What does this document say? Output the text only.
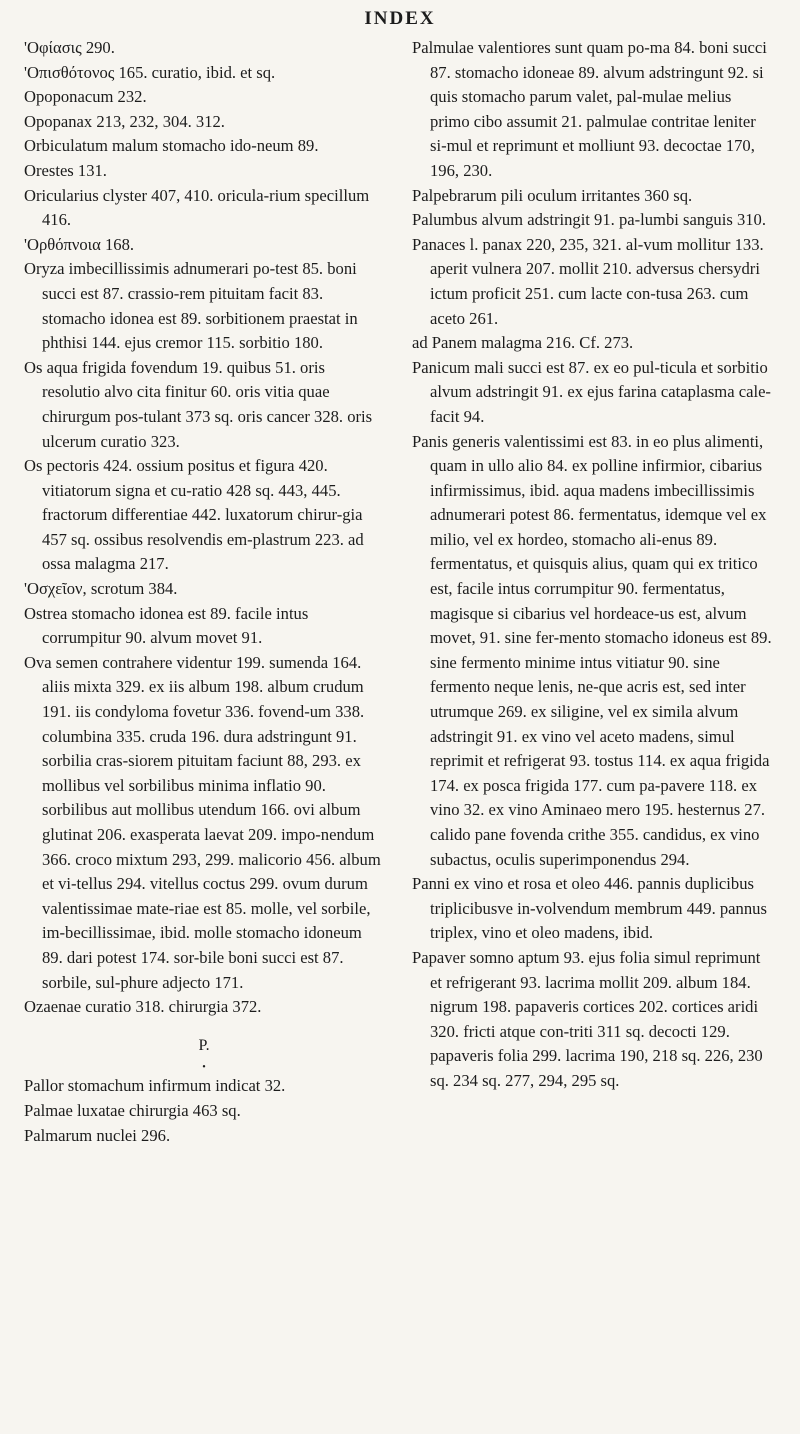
INDEX

'Οφίασις 290.

'Οπισθότονος 165. curatio, ibid. et sq.

Opoponacum 232.

Opopanax 213, 232, 304. 312.

Orbiculatum malum stomacho ido-neum 89.

Orestes 131.

Oricularius clyster 407, 410. oricula-rium specillum 416.

'Ορθόπνοια 168.

Oryza imbecillissimis adnumerari po-test 85. boni succi est 87. crassio-rem pituitam facit 83. stomacho idonea est 89. sorbitionem praestat in phthisi 144. ejus cremor 115. sorbitio 180.

Os aqua frigida fovendum 19. quibus 51. oris resolutio alvo cita finitur 60. oris vitia quae chirurgum pos-tulant 373 sq. oris cancer 328. oris ulcerum curatio 323.

Os pectoris 424. ossium positus et figura 420. vitiatorum signa et cu-ratio 428 sq. 443, 445. fractorum differentiae 442. luxatorum chirur-gia 457 sq. ossibus resolvendis em-plastrum 223. ad ossa malagma 217.

'Οσχεῖον, scrotum 384.

Ostrea stomacho idonea est 89. facile intus corrumpitur 90. alvum movet 91.

Ova semen contrahere videntur 199. sumenda 164. aliis mixta 329. ex iis album 198. album crudum 191. iis condyloma fovetur 336. fovend-um 338. columbina 335. cruda 196. dura adstringunt 91. sorbilia cras-siorem pituitam faciunt 88, 293. ex mollibus vel sorbilibus minima inflatio 90. sorbilibus aut mollibus utendum 166. ovi album glutinat 206. exasperata laevat 209. impo-nendum 366. croco mixtum 293, 299. malicorio 456. album et vi-tellus 294. vitellus coctus 299. ovum durum valentissimae mate-riae est 85. molle, vel sorbile, im-becillissimae, ibid. molle stomacho idoneum 89. dari potest 174. sor-bile boni succi est 87. sorbile, sul-phure adjecto 171.

Ozaenae curatio 318. chirurgia 372.

P.
•

Pallor stomachum infirmum indicat 32.

Palmae luxatae chirurgia 463 sq.

Palmarum nuclei 296.

Palmulae valentiores sunt quam po-ma 84. boni succi 87. stomacho idoneae 89. alvum adstringunt 92. si quis stomacho parum valet, pal-mulae melius primo cibo assumit 21. palmulae contritae leniter si-mul et reprimunt et molliunt 93. decoctae 170, 196, 230.

Palpebrarum pili oculum irritantes 360 sq.

Palumbus alvum adstringit 91. pa-lumbi sanguis 310.

Panaces l. panax 220, 235, 321. al-vum mollitur 133. aperit vulnera 207. mollit 210. adversus chersydri ictum proficit 251. cum lacte con-tusa 263. cum aceto 261.

ad Panem malagma 216. Cf. 273.

Panicum mali succi est 87. ex eo pul-ticula et sorbitio alvum adstringit 91. ex ejus farina cataplasma cale-facit 94.

Panis generis valentissimi est 83. in eo plus alimenti, quam in ullo alio 84. ex polline infirmior, cibarius infirmissimus, ibid. aqua madens imbecillissimis adnumerari potest 86. fermentatus, idemque vel ex milio, vel ex hordeo, stomacho ali-enus 89. fermentatus, et quisquis alius, quam qui ex tritico est, facile intus corrumpitur 90. fermentatus, magisque si cibarius vel hordeace-us est, alvum movet, 91. sine fer-mento stomacho idoneus est 89. sine fermento minime intus vitiatur 90. sine fermento neque lenis, ne-que acris est, sed inter utrumque 269. ex siligine, vel ex simila alvum adstringit 91. ex vino vel aceto madens, simul reprimit et refrigerat 93. tostus 114. ex aqua frigida 174. ex posca frigida 177. cum pa-pavere 118. ex vino 32. ex vino Aminaeo mero 195. hesternus 27. calido pane fovenda crithe 355. candidus, ex vino subactus, oculis superimponendus 294.

Panni ex vino et rosa et oleo 446. pannis duplicibus triplicibusve in-volvendum membrum 449. pannus triplex, vino et oleo madens, ibid.

Papaver somno aptum 93. ejus folia simul reprimunt et refrigerant 93. lacrima mollit 209. album 184. nigrum 198. papaveris cortices 202. cortices aridi 320. fricti atque con-triti 311 sq. decocti 129. papaveris folia 299. lacrima 190, 218 sq. 226, 230 sq. 234 sq. 277, 294, 295 sq.
